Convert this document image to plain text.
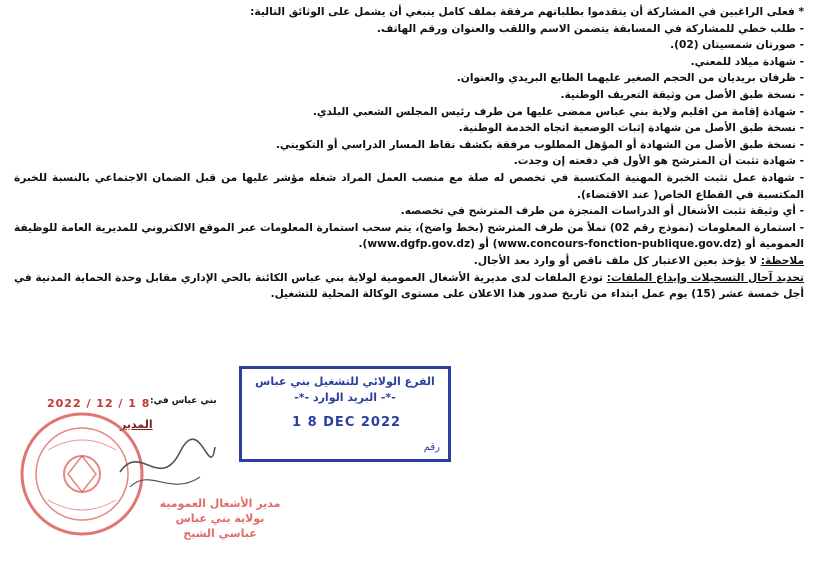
* فعلى الراغبين في المشاركة أن يتقدموا بطلباتهم مرفقة بملف كامل ينبغي أن يشمل على الوثائق التالية:

- طلب خطي للمشاركة في المسابقة يتضمن الاسم واللقب والعنوان ورقم الهاتف.

- صورتان شمسيتان (02).

- شهادة ميلاد للمعني.

- ظرفان بريديان من الحجم الصغير عليهما الطابع البريدي والعنوان.

- نسخة طبق الأصل من وثيقة التعريف الوطنية.

- شهادة إقامة من اقليم ولاية بني عباس ممضى عليها من طرف رئيس المجلس الشعبي البلدي.

- نسخة طبق الأصل من شهادة إثبات الوضعية اتجاه الخدمة الوطنية.

- نسخة طبق الأصل من الشهادة أو المؤهل المطلوب مرفقة بكشف نقاط المسار الدراسي أو التكويني.

- شهادة تثبت أن المترشح هو الأول في دفعته إن وجدت.

- شهادة عمل تثبت الخبرة المهنية المكتسبة في تخصص له صلة مع منصب العمل المراد شغله مؤشر عليها من قبل الضمان الاجتماعي بالنسبة للخبرة المكتسبة في القطاع الخاص( عند الاقتضاء).

- أي وثيقة تثبت الأشغال أو الدراسات المنجزة من طرف المترشح في تخصصه.

- استمارة المعلومات (نموذج رقم 02) تملأ من طرف المترشح (بخط واضح)، يتم سحب استمارة المعلومات عبر الموقع الالكتروني للمديرية العامة للوظيفة العمومية أو (www.concours-fonction-publique.gov.dz) أو (www.dgfp.gov.dz).

ملاحظة: لا يؤخذ بعين الاعتبار كل ملف ناقص أو وارد بعد الأجال.

تحديد آجال التسجيلات وإيداع الملفات: تودع الملفات لدى مديرية الأشغال العمومية لولاية بني عباس الكائنة بالحي الإداري مقابل وحدة الحماية المدنية في أجل خمسة عشر (15) يوم عمل ابتداء من تاريخ صدور هذا الاعلان على مستوى الوكالة المحلية للتشغيل.

الفرع الولائي للتشغيل بني عباس
-*- البريد الوارد -*-
1 8 DEC 2022
رقم
بني عباس في:
2022 / 12 / 1 8
المدير
مدير الأشغال العمومية
بولاية بني عباس
عباسي الشيخ
